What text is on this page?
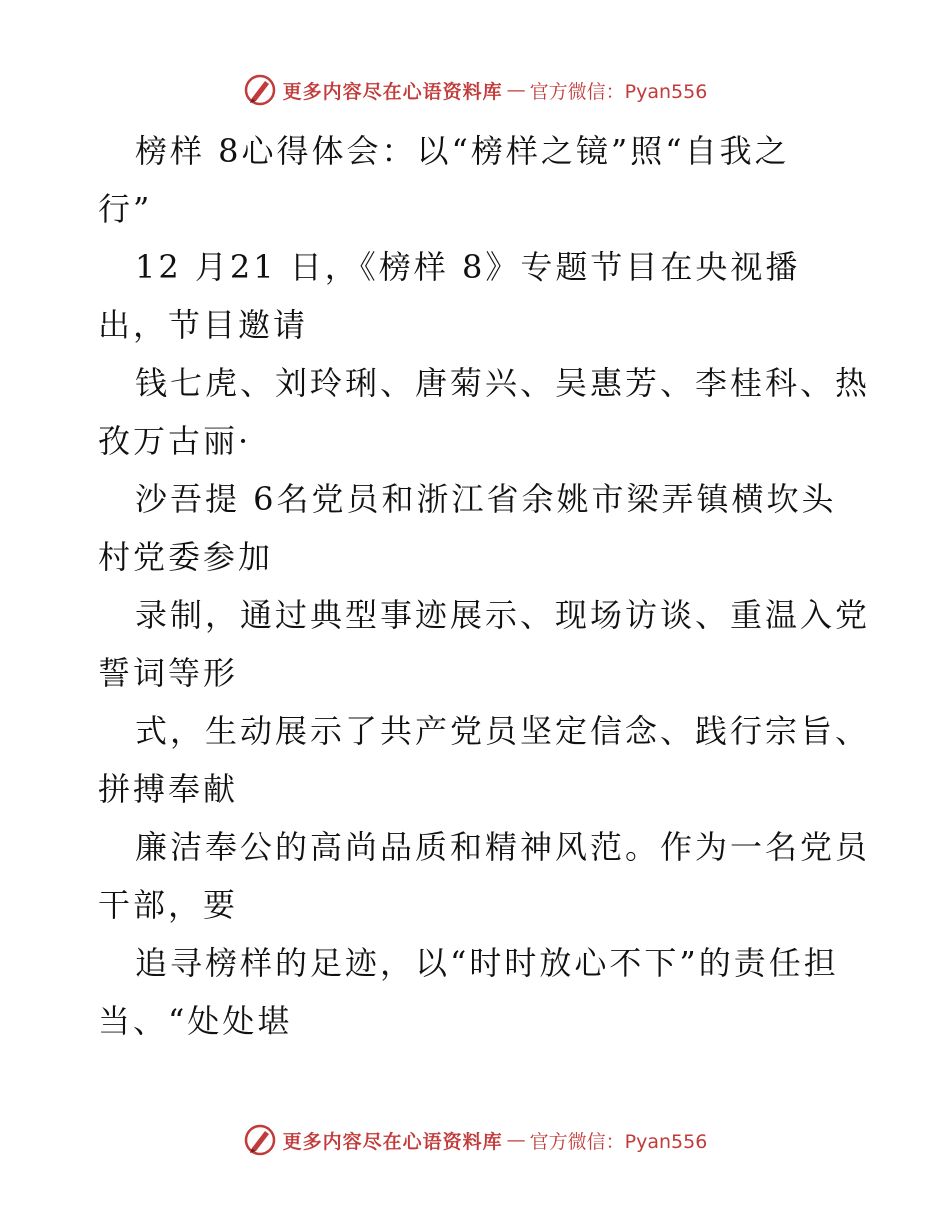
更多内容尽在心语资料库 — 官方微信：Pyan556
榜样 8心得体会：以“榜样之镜”照“自我之
行”
12 月21 日，《榜样 8》专题节目在央视播
出，节目邀请
钱七虎、刘玲琍、唐菊兴、吴惠芳、李桂科、热
孜万古丽·
沙吾提 6名党员和浙江省余姚市梁弄镇横坎头
村党委参加
录制，通过典型事迹展示、现场访谈、重温入党
誓词等形
式，生动展示了共产党员坚定信念、践行宗旨、
拼搏奉献
廉洁奉公的高尚品质和精神风范。作为一名党员
干部，要
追寻榜样的足迹，以“时时放心不下”的责任担
当、“处处堪
更多内容尽在心语资料库 — 官方微信：Pyan556
